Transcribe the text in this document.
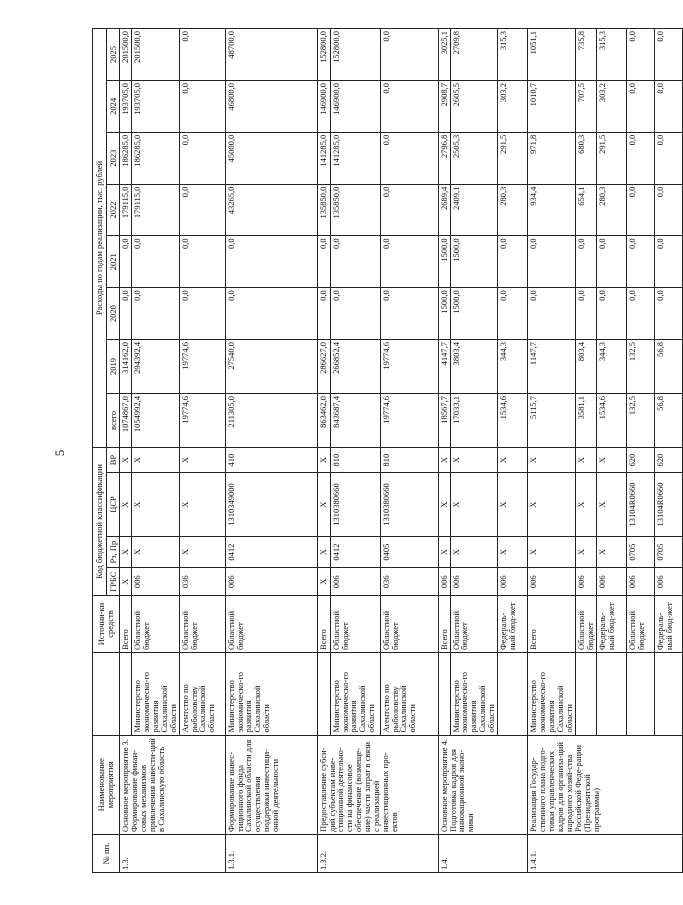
5
№ пп.	Наименование мероприятия		Источни-ки средств	Код бюджетной классификации				Расходы по годам реализации, тыс. рублей							
				ГРБС	Рз, Пр	ЦСР	ВР	всего	2019	2020	2021	2022	2023	2024	2025

1.3.	Основное мероприятие 3. Формирование финан-совых механизмов привлечения инвести-ций в Сахалинскую область		Всего	Х	Х	Х	Х	1074867,0	314162,0	0,0	0,0	179115,0	186285,0	193705,0	201500,0
		Министерство экономическо-го развития Сахалинской области	Областной бюджет	006	Х	Х	Х	1054992,4	294392,4	0,0	0,0	179115,0	186285,0	193705,0	201500,0
		Агентство по рыболовству Сахалинской области	Областной бюджет	036	Х	Х	Х	19774,6	19774,6	0,0	0,0	0,0	0,0	0,0	0,0
1.3.1.	Формирование инвес-тиционного фонда Сахалинской области для осуществления поддержки инвестици-онной деятельности	Министерство экономическо-го развития Сахалинской области	Областной бюджет	006	0412	1310349000	410	211305,0	27540,0	0,0	0,0	43265,0	45000,0	46800,0	48700,0
1.3.2.	Предоставление субси-дий субъектам инве-стиционной деятельно-сти на финансовое обеспечение (возмеще-ние) части затрат в связи с реализацией инвестиционных про-ектов		Всего	Х	Х	Х	Х	863462,0	286627,0	0,0	0,0	135850,0	141285,0	146900,0	152800,0
		Министерство экономическо-го развития Сахалинской области	Областной бюджет	006	0412	1310380660	810	843687,4	266852,4	0,0	0,0	135850,0	141285,0	146900,0	152800,0
		Агентство по рыболовству Сахалинской области	Областной бюджет	036	0405	1310380660	810	19774,6	19774,6	0,0	0,0	0,0	0,0	0,0	0,0
1.4.	Основное мероприятие 4. Подготовка кадров для инновационной эконо-мики		Всего	006	Х	Х	Х	18567,7	4147,7	1500,0	1500,0	2689,4	2796,8	2908,7	3025,1
		Министерство экономическо-го развития Сахалинской области	Областной бюджет	006	Х	Х	Х	17033,1	3803,4	1500,0	1500,0	2409,1	2505,3	2605,5	2709,8
			Федераль-ный бюд-жет	006	Х	Х	Х	1534,6	344,3	0,0	0,0	280,3	291,5	303,2	315,3
1.4.1.	Реализация Государ-ственного плана подго-товки управленческих кадров для организа-ций народного хозяй-ства Российской Феде-рации (Президентской программы)	Министерство экономическо-го развития Сахалинской области	Всего	006	Х	Х	Х	5115,7	1147,7	0,0	0,0	934,4	971,8	1010,7	1051,1
			Областной бюджет	006	Х	Х	Х	3581,1	803,4	0,0	0,0	654,1	680,3	707,5	735,8
			Федераль-ный бюд-жет	006	Х	Х	Х	1534,6	344,3	0,0	0,0	280,3	291,5	303,2	315,3
			Областной бюджет	006	0705	13104R0660	620	132,5	132,5	0,0	0,0	0,0	0,0	0,0	0,0
			Федераль-ный бюд-жет	006	0705	13104R0660	620	56,8	56,8	0,0	0,0	0,0	0,0	0,0	0,0
